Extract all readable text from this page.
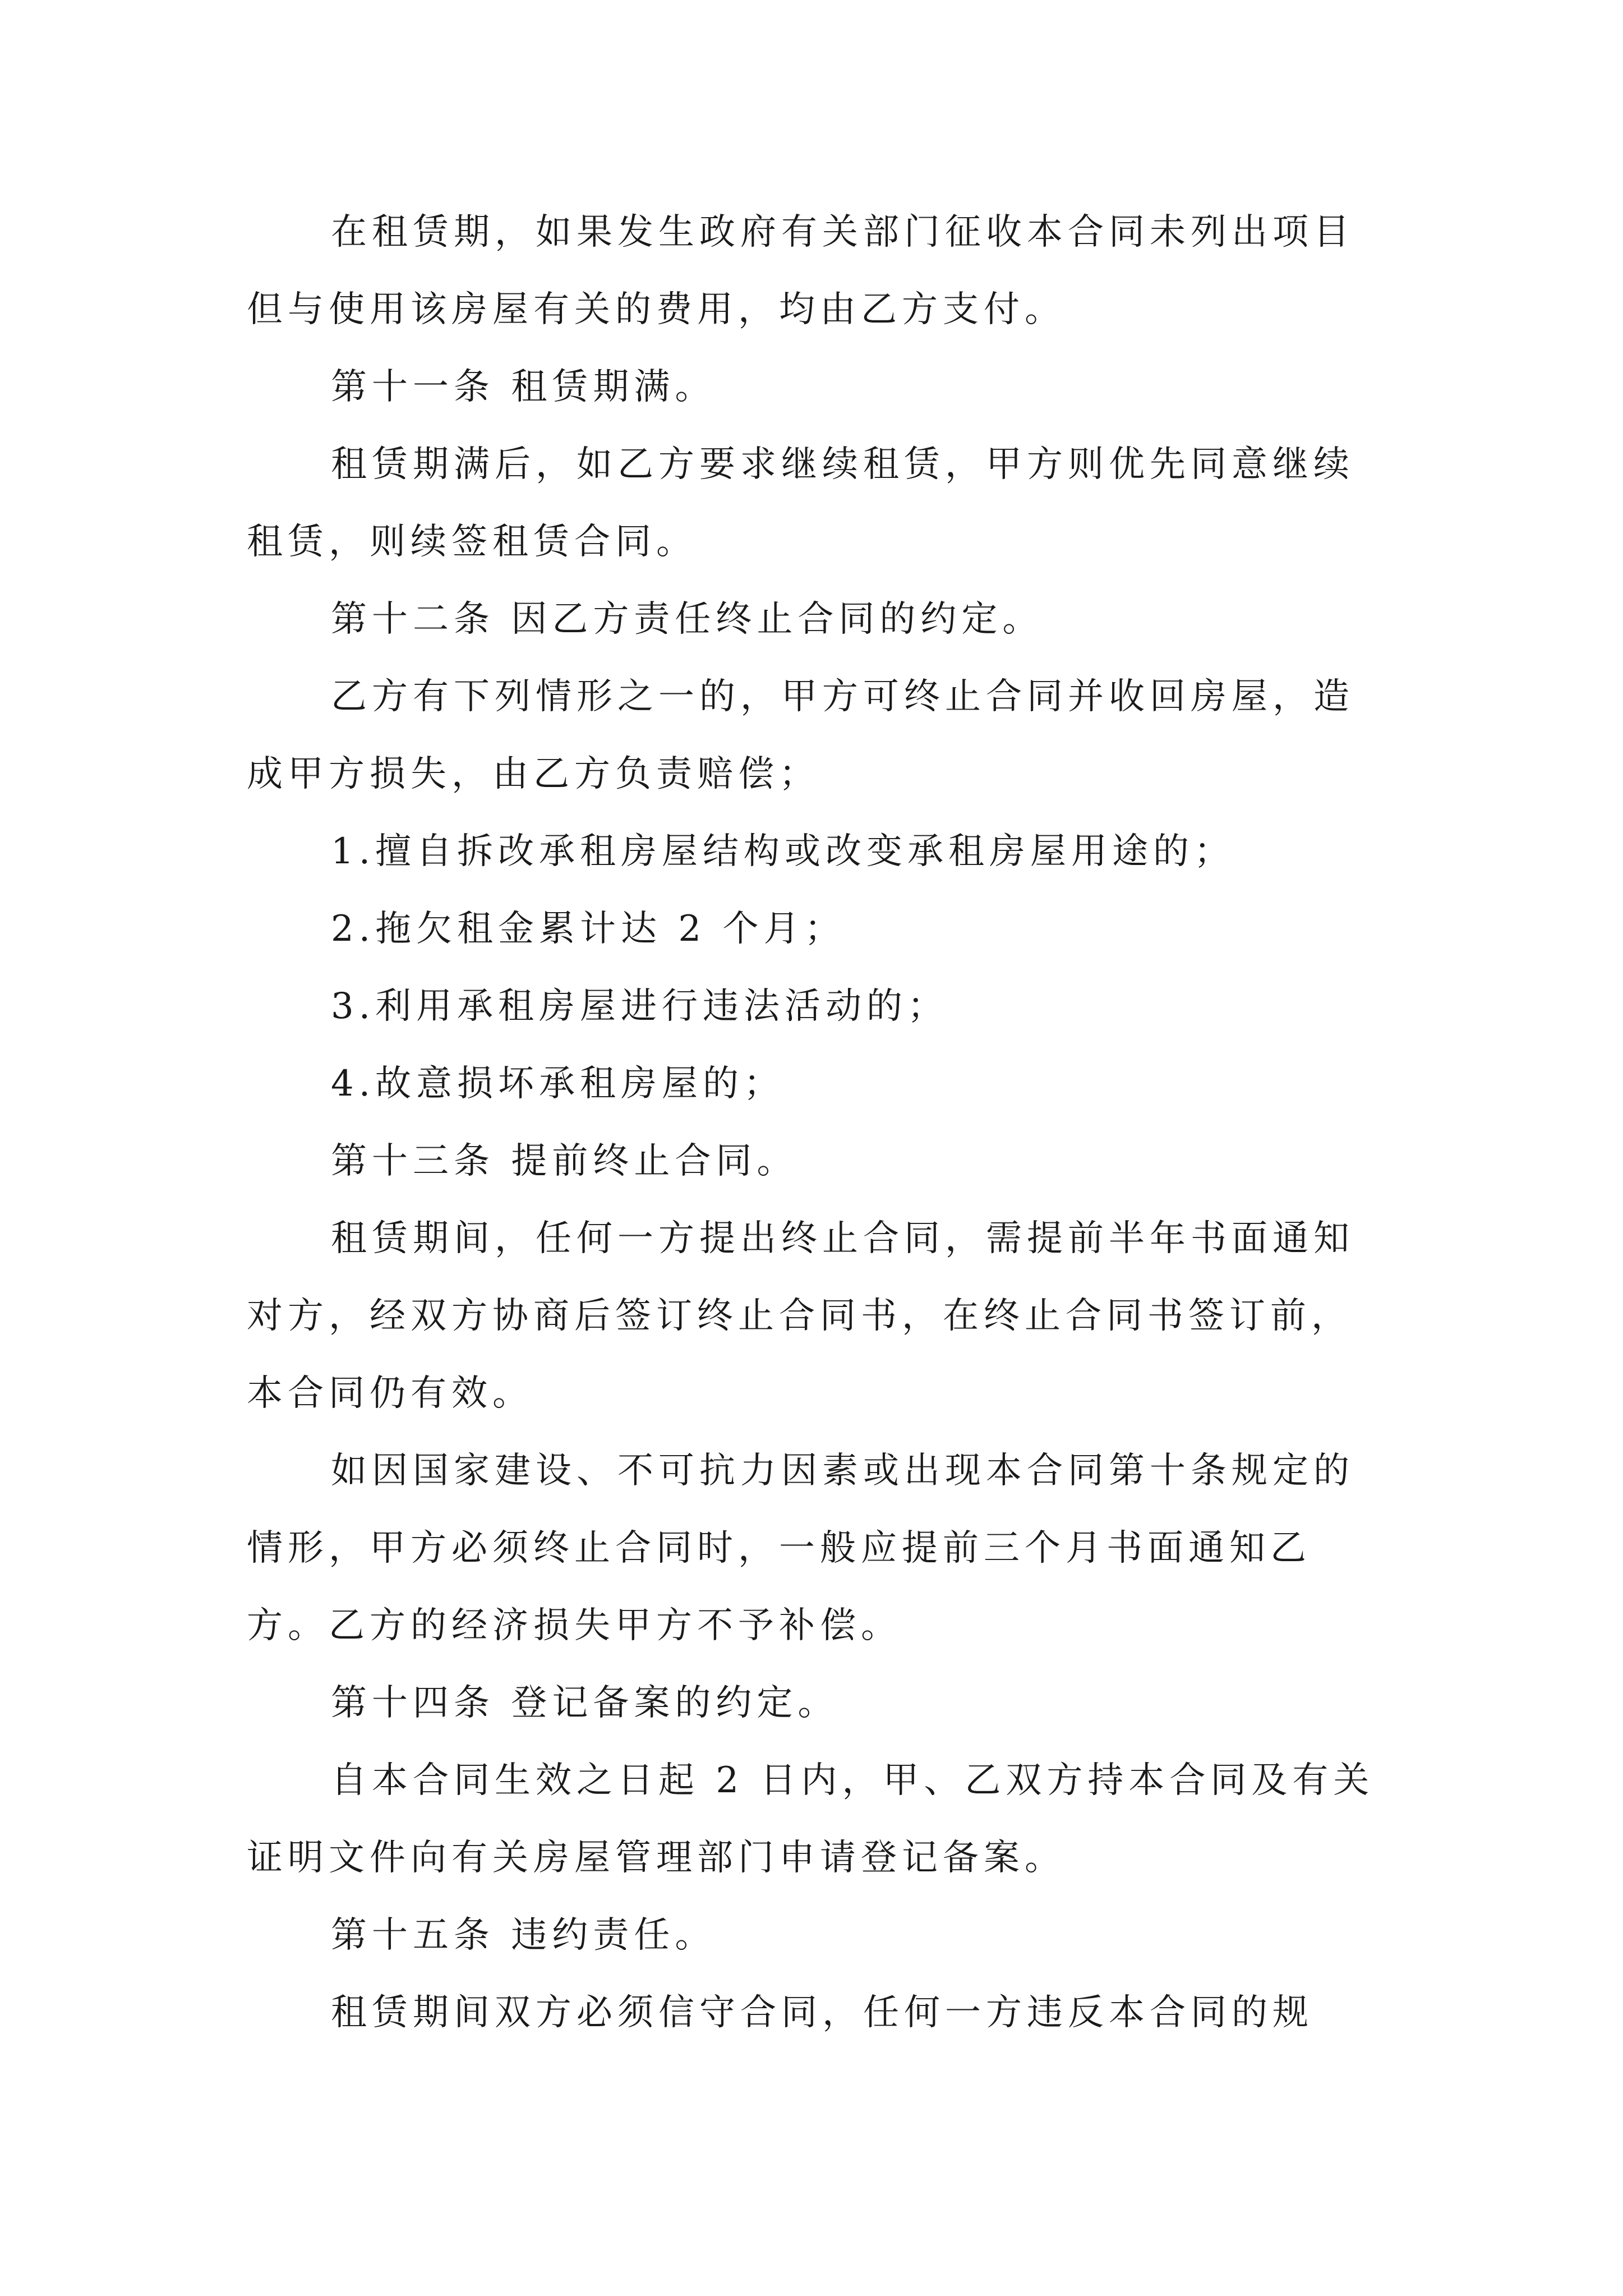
在租赁期，如果发生政府有关部门征收本合同未列出项目但与使用该房屋有关的费用，均由乙方支付。

第十一条 租赁期满。

租赁期满后，如乙方要求继续租赁，甲方则优先同意继续租赁，则续签租赁合同。

第十二条 因乙方责任终止合同的约定。

乙方有下列情形之一的，甲方可终止合同并收回房屋，造成甲方损失，由乙方负责赔偿；

1.擅自拆改承租房屋结构或改变承租房屋用途的；

2.拖欠租金累计达 2 个月；

3.利用承租房屋进行违法活动的；

4.故意损坏承租房屋的；

第十三条 提前终止合同。

租赁期间，任何一方提出终止合同，需提前半年书面通知对方，经双方协商后签订终止合同书，在终止合同书签订前，本合同仍有效。

如因国家建设、不可抗力因素或出现本合同第十条规定的情形，甲方必须终止合同时，一般应提前三个月书面通知乙方。乙方的经济损失甲方不予补偿。

第十四条 登记备案的约定。

自本合同生效之日起 2 日内，甲、乙双方持本合同及有关证明文件向有关房屋管理部门申请登记备案。

第十五条 违约责任。

租赁期间双方必须信守合同，任何一方违反本合同的规
